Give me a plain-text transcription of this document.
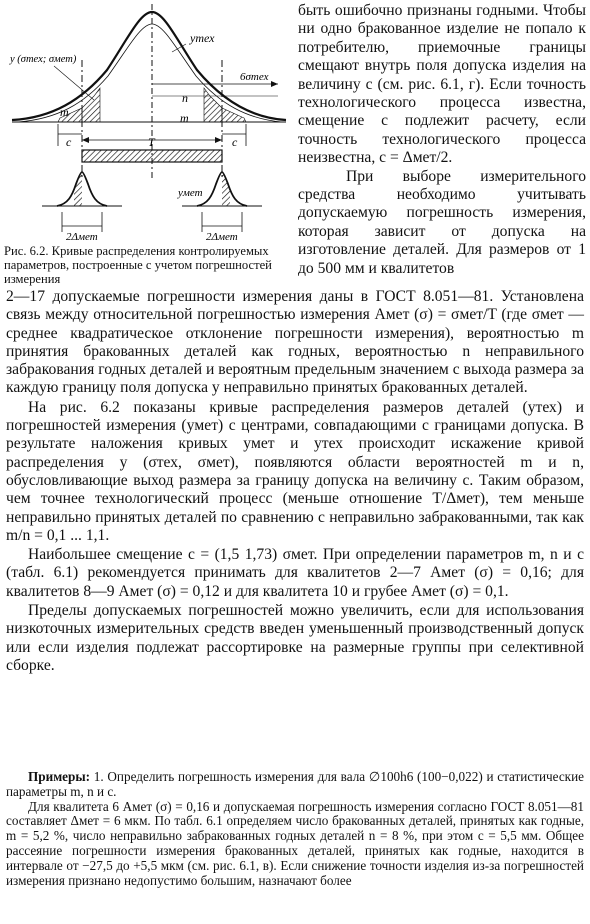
yтех
y (σтех; σмет)
6σтех
n
m	m
c	c
T
yмет
2Δмет	2Δмет
Рис. 6.2. Кривые распределения контролируемых параметров, построенные с учетом погрешностей измерения

быть ошибочно признаны годными. Чтобы ни одно бракованное изделие не попало к потребителю, приемочные границы смещают внутрь поля допуска изделия на величину c (см. рис. 6.1, г). Если точность технологического процесса известна, смещение c подлежит расчету, если точность технологического процесса неизвестна, c = Δмет/2.

При выборе измерительного средства необходимо учитывать допускаемую погрешность измерения, которая зависит от допуска на изготовление деталей. Для размеров от 1 до 500 мм и квалитетов

2—17 допускаемые погрешности измерения даны в ГОСТ 8.051—81. Установлена связь между относительной погрешностью измерения Aмет (σ) = σмет/T (где σмет — среднее квадратическое отклонение погрешности измерения), вероятностью m принятия бракованных деталей как годных, вероятностью n неправильного забракования годных деталей и вероятным предельным значением c выхода размера за каждую границу поля допуска у неправильно принятых бракованных деталей.

На рис. 6.2 показаны кривые распределения размеров деталей (yтех) и погрешностей измерения (yмет) с центрами, совпадающими с границами допуска. В результате наложения кривых yмет и yтех происходит искажение кривой распределения y (σтех, σмет), появляются области вероятностей m и n, обусловливающие выход размера за границу допуска на величину c. Таким образом, чем точнее технологический процесс (меньше отношение T/Δмет), тем меньше неправильно принятых деталей по сравнению с неправильно забракованными, так как m/n = 0,1 ... 1,1.

Наибольшее смещение c = (1,5 1,73) σмет. При определении параметров m, n и c (табл. 6.1) рекомендуется принимать для квалитетов 2—7 Aмет (σ) = 0,16; для квалитетов 8—9 Aмет (σ) = 0,12 и для квалитета 10 и грубее Aмет (σ) = 0,1.

Пределы допускаемых погрешностей можно увеличить, если для использования низкоточных измерительных средств введен уменьшенный производственный допуск или если изделия подлежат рассортировке на размерные группы при селективной сборке.

Примеры: 1. Определить погрешность измерения для вала ∅100h6 (100−0,022) и статистические параметры m, n и c.

Для квалитета 6 Aмет (σ) = 0,16 и допускаемая погрешность измерения согласно ГОСТ 8.051—81 составляет Δмет = 6 мкм. По табл. 6.1 определяем число бракованных деталей, принятых как годные, m = 5,2 %, число неправильно забракованных годных деталей n = 8 %, при этом c = 5,5 мм. Общее рассеяние погрешности измерения бракованных деталей, принятых как годные, находится в интервале от −27,5 до +5,5 мкм (см. рис. 6.1, в). Если снижение точности изделия из-за погрешностей измерения признано недопустимо большим, назначают более
